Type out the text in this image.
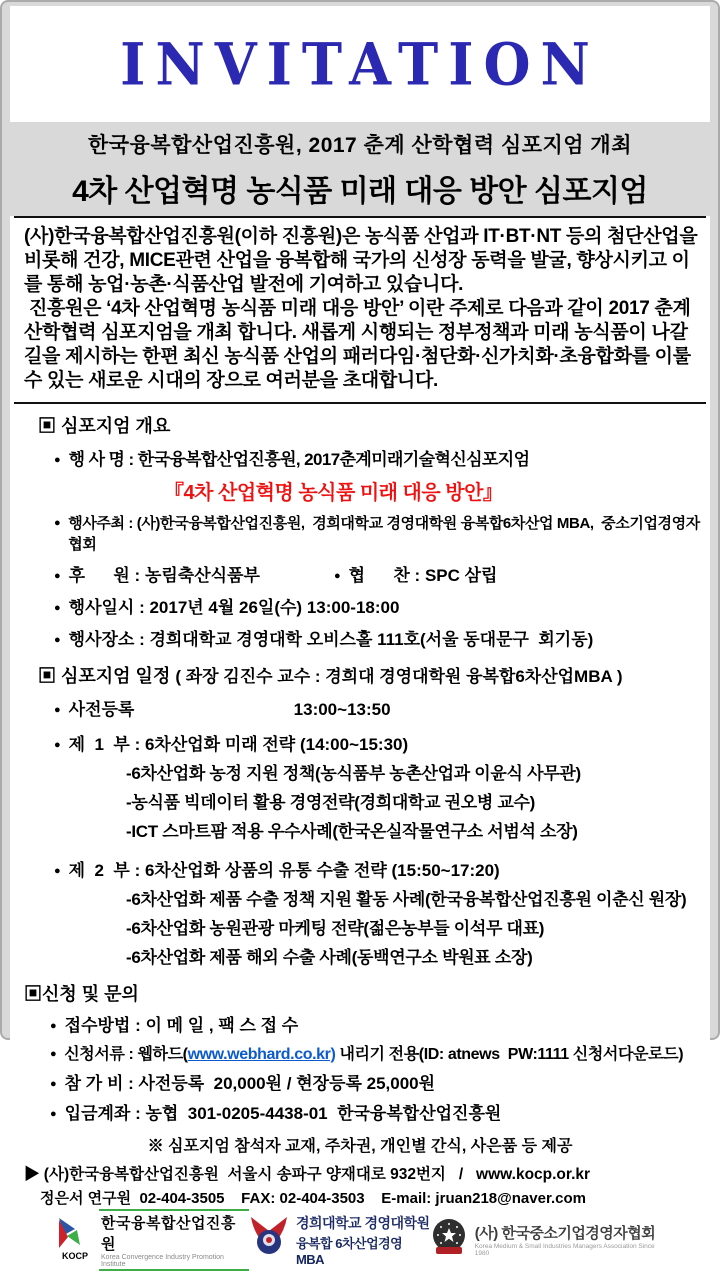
INVITATION
한국융복합산업진흥원, 2017 춘계 산학협력 심포지엄 개최
4차 산업혁명 농식품 미래 대응 방안 심포지엄

(사)한국융복합산업진흥원(이하 진흥원)은 농식품 산업과 IT·BT·NT 등의 첨단산업을 비롯해 건강, MICE관련 산업을 융복합해 국가의 신성장 동력을 발굴, 향상시키고 이를 통해 농업·농촌·식품산업 발전에 기여하고 있습니다.

진흥원은 ‘4차 산업혁명 농식품 미래 대응 방안’ 이란 주제로 다음과 같이 2017 춘계 산학협력 심포지엄을 개최 합니다. 새롭게 시행되는 정부정책과 미래 농식품이 나갈 길을 제시하는 한편 최신 농식품 산업의 패러다임·첨단화·신가치화·초융합화를 이룰 수 있는 새로운 시대의 장으로 여러분을 초대합니다.

▣ 심포지엄 개요
● 행 사 명 : 한국융복합산업진흥원, 2017춘계미래기술혁신심포지엄
『4차 산업혁명 농식품 미래 대응 방안』
● 행사주최 : (사)한국융복합산업진흥원,  경희대학교 경영대학원 융복합6차산업 MBA,  중소기업경영자협회
● 후      원 : 농림축산식품부	● 협      찬 : SPC 삼립
● 행사일시 : 2017년 4월 26일(수) 13:00-18:00
● 행사장소 : 경희대학교 경영대학 오비스홀 111호(서울 동대문구  회기동)
▣ 심포지엄 일정 ( 좌장 김진수 교수 : 경희대 경영대학원 융복합6차산업MBA )
● 사전등록	13:00~13:50
● 제  1  부 : 6차산업화 미래 전략 (14:00~15:30)
-6차산업화 농정 지원 정책(농식품부 농촌산업과 이윤식 사무관)
-농식품 빅데이터 활용 경영전략(경희대학교 권오병 교수)
-ICT 스마트팜 적용 우수사례(한국온실작물연구소 서범석 소장)
● 제  2  부 : 6차산업화 상품의 유통 수출 전략 (15:50~17:20)
-6차산업화 제품 수출 정책 지원 활동 사례(한국융복합산업진흥원 이춘신 원장)
-6차산업화 농원관광 마케팅 전략(젊은농부들 이석무 대표)
-6차산업화 제품 해외 수출 사례(동백연구소 박원표 소장)
▣신청 및 문의
● 접수방법 : 이 메 일 , 팩 스 접 수
● 신청서류 : 웹하드( www.webhard.co.kr) 내리기 전용(ID: atnews  PW:1111 신청서다운로드)
● 참 가 비 : 사전등록  20,000원 / 현장등록 25,000원
● 입금계좌 : 농협  301-0205-4438-01  한국융복합산업진흥원
※ 심포지엄 참석자 교재, 주차권, 개인별 간식, 사은품 등 제공
▶ (사)한국융복합산업진흥원  서울시 송파구 양재대로 932번지   /   www.kocp.or.kr
정은서 연구원  02-404-3505    FAX: 02-404-3503    E-mail: jruan218@naver.com
KOCP
한국융복합산업진흥원
Korea Convergence Industry Promotion Institute
경희대학교 경영대학원
융복합 6차산업경영 MBA
(사) 한국중소기업경영자협회
Korea Medium & Small Industries Managers Association Since 1980
